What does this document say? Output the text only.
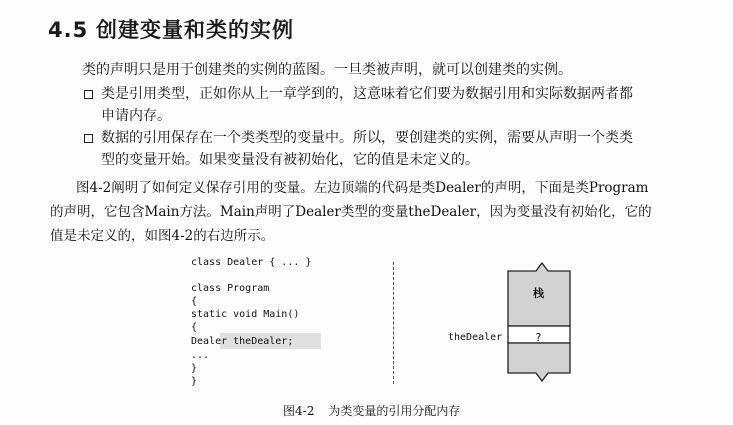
4.5 创建变量和类的实例
类的声明只是用于创建类的实例的蓝图。一旦类被声明，就可以创建类的实例。
类是引用类型，正如你从上一章学到的，这意味着它们要为数据引用和实际数据两者都
申请内存。
数据的引用保存在一个类类型的变量中。所以，要创建类的实例，需要从声明一个类类
型的变量开始。如果变量没有被初始化，它的值是未定义的。
图4-2阐明了如何定义保存引用的变量。左边顶端的代码是类Dealer的声明，下面是类Program
的声明，它包含Main方法。Main声明了Dealer类型的变量theDealer，因为变量没有初始化，它的
值是未定义的，如图4-2的右边所示。
class Dealer { ... }
class Program
{
static void Main()
{
Dealer theDealer;
...
}
}
栈
theDealer	?
图4-2 为类变量的引用分配内存
